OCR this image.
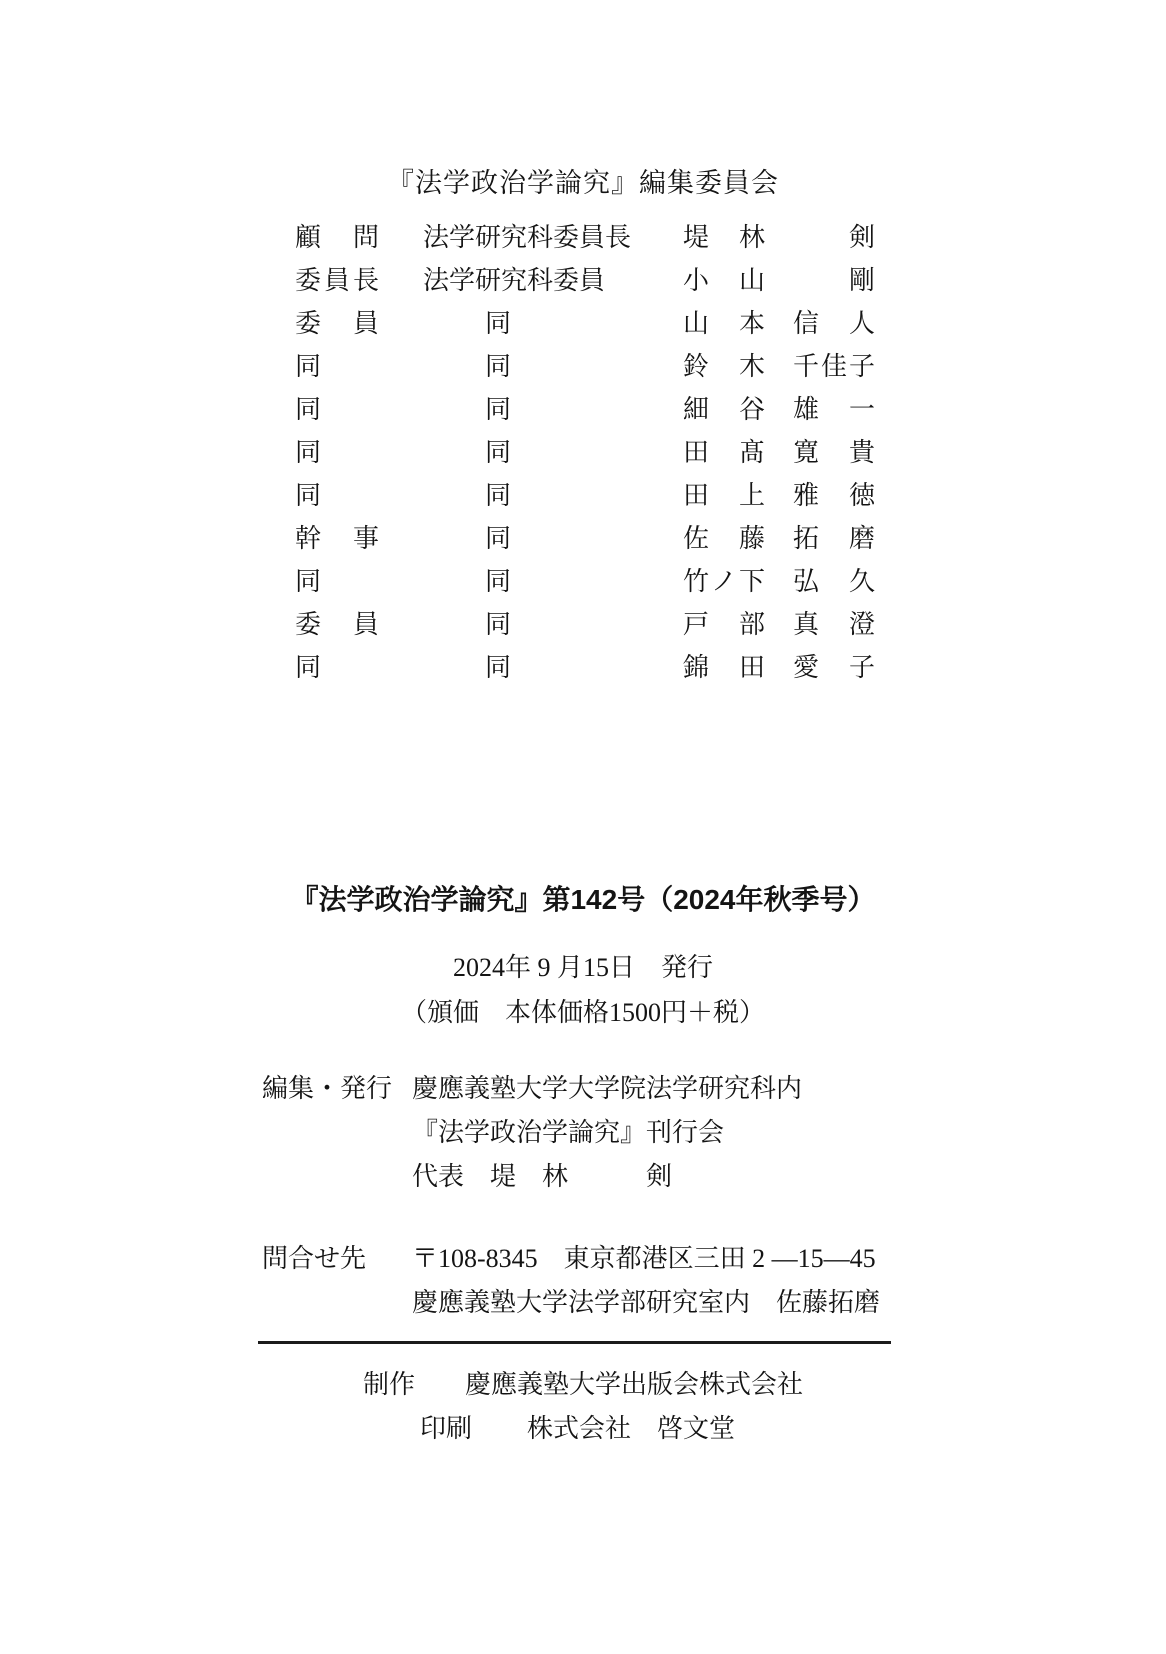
『法学政治学論究』編集委員会
顧 問 法学研究科委員長	堤 林	剣
委 員 長 法学研究科委員	小 山	剛
委 員	同	山 本 信 人
同	同	鈴 木 千 佳 子
同	同	細 谷 雄 一
同	同	田 髙 寛 貴
同	同	田 上 雅 徳
幹 事	同	佐 藤 拓 磨
同	同	竹 ノ 下 弘 久
委 員	同	戸 部 真 澄
同	同	錦 田 愛 子
『法学政治学論究』第142号（2024年秋季号）
2024年 9 月15日　発行
（頒価　本体価格1500円＋税）
編集・発行 慶應義塾大学大学院法学研究科内
『法学政治学論究』刊行会
代表　堤　林　　　剣
問合せ先 〒108-8345　東京都港区三田 2 ―15―45
慶應義塾大学法学部研究室内　佐藤拓磨
制作 慶應義塾大学出版会株式会社
印刷 株式会社　啓文堂
